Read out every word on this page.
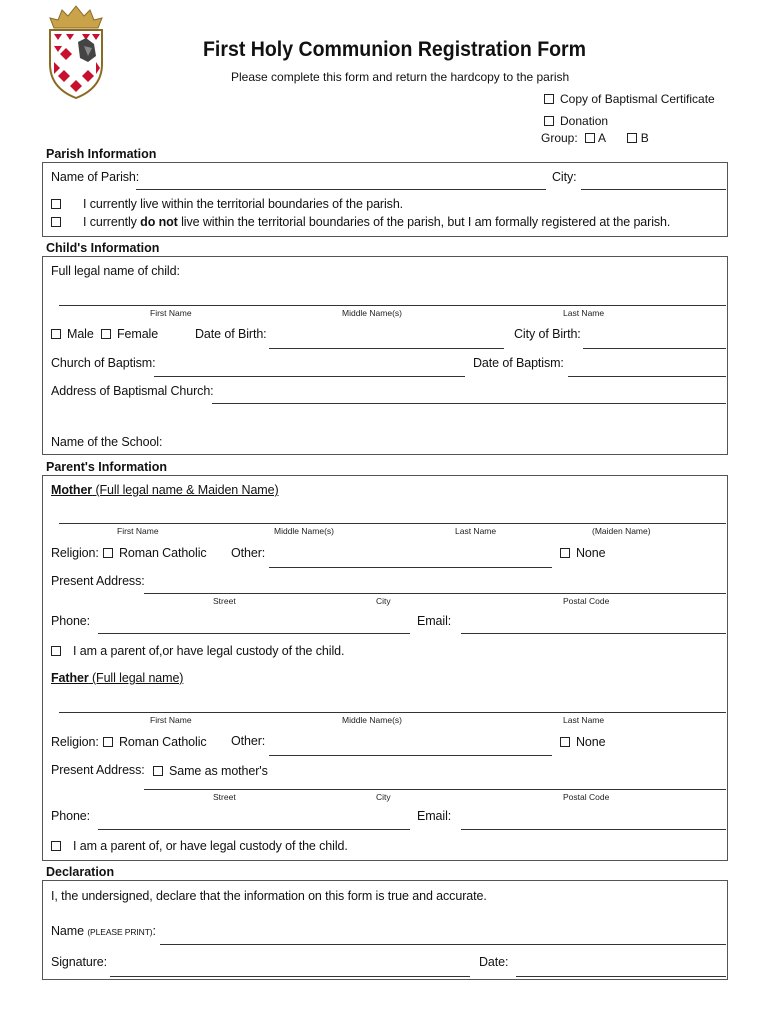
First Holy Communion Registration Form
Please complete this form and return the hardcopy to the parish
Copy of Baptismal Certificate
Donation
Group: A	B
Parish Information
Name of Parish:	City:
I currently live within the territorial boundaries of the parish.
I currently do not live within the territorial boundaries of the parish, but I am formally registered at the parish.
Child's Information
Full legal name of child:
First Name	Middle Name(s)	Last Name
Male	Female	Date of Birth:	City of Birth:
Church of Baptism:	Date of Baptism:
Address of Baptismal Church:
Name of the School:
Parent's Information
Mother (Full legal name & Maiden Name)
First Name	Middle Name(s)	Last Name	(Maiden Name)
Religion:	Roman Catholic Other:	None
Present Address:
Street	City	Postal Code
Phone:	Email:
I am a parent of,or have legal custody of the child.
Father (Full legal name)
First Name	Middle Name(s)	Last Name
Religion:	Roman Catholic Other:	None
Present Address:	Same as mother's
Street	City	Postal Code
Phone:	Email:
I am a parent of, or have legal custody of the child.
Declaration
I, the undersigned, declare that the information on this form is true and accurate.
Name (PLEASE PRINT):
Signature:	Date:
